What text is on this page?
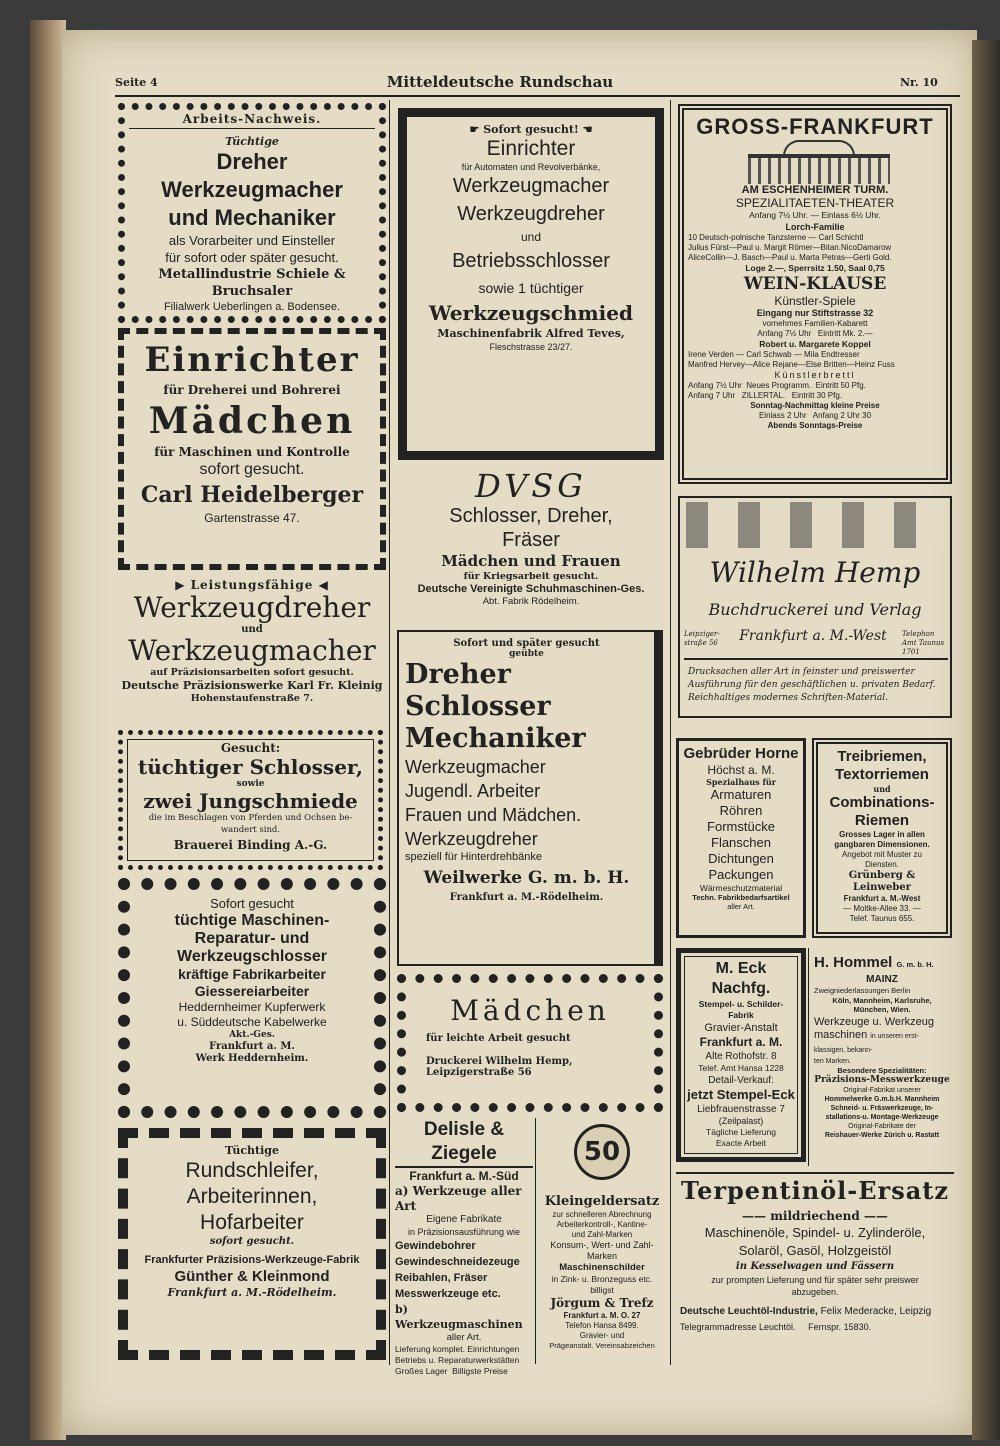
Seite 4	Mitteldeutsche Rundschau	Nr. 10
Arbeits-Nachweis.
Tüchtige
Dreher Werkzeugmacher
und Mechaniker
als Vorarbeiter und Einsteller
für sofort oder später gesucht.
Metallindustrie Schiele & Bruchsaler
Filialwerk Ueberlingen a. Bodensee.
Einrichter
für Dreherei und Bohrerei
Mädchen
für Maschinen und Kontrolle
sofort gesucht.
Carl Heidelberger
Gartenstrasse 47.
▶ Leistungsfähige ◀
Werkzeugdreher
und
Werkzeugmacher
auf Präzisionsarbeiten sofort gesucht.
Deutsche Präzisionswerke Karl Fr. Kleinig
Hohenstaufenstraße 7.
Gesucht:
tüchtiger Schlosser,
sowie
zwei Jungschmiede
die im Beschlagen von Pferden und Ochsen be-
wandert sind.
Brauerei Binding A.-G.
Sofort gesucht
tüchtige Maschinen-
Reparatur- und
Werkzeugschlosser
kräftige Fabrikarbeiter
Giessereiarbeiter
Heddernheimer Kupferwerk
u. Süddeutsche Kabelwerke
Akt.-Ges.
Frankfurt a. M.
Werk Heddernheim.
Tüchtige
Rundschleifer,
Arbeiterinnen,
Hofarbeiter
sofort gesucht.
Frankfurter Präzisions-Werkzeuge-Fabrik
Günther & Kleinmond
Frankfurt a. M.-Rödelheim.
☛ Sofort gesucht! ☚
Einrichter
für Automaten und Revolverbänke,
Werkzeugmacher
Werkzeugdreher
und
Betriebsschlosser
sowie 1 tüchtiger
Werkzeugschmied
Maschinenfabrik Alfred Teves,
Fleschstrasse 23/27.
DVSG
Schlosser, Dreher,
Fräser
Mädchen und Frauen
für Kriegsarbeit gesucht.
Deutsche Vereinigte Schuhmaschinen-Ges.
Abt. Fabrik Rödelheim.
Sofort und später gesucht
geübte
Dreher
Schlosser
Mechaniker
Werkzeugmacher
Jugendl. Arbeiter
Frauen und Mädchen.
Werkzeugdreher
speziell für Hinterdrehbänke
Weilwerke G. m. b. H.
Frankfurt a. M.-Rödelheim.
Mädchen
für leichte Arbeit gesucht
Druckerei Wilhelm Hemp, Leipzigerstraße 56
Delisle & Ziegele
Frankfurt a. M.-Süd
a) Werkzeuge aller Art
Eigene Fabrikate
in Präzisionsausführung wie
Gewindebohrer
Gewindeschneidezeuge
Reibahlen, Fräser
Messwerkzeuge etc.
b) Werkzeugmaschinen
aller Art.
Lieferung komplet. Einrichtungen
Betriebs u. Reparaturwerkstätten
Großes Lager  Billigste Preise
50
Kleingeldersatz
zur schnelleren Abrechnung
Arbeiterkontroll-, Kantine-
und Zahl-Marken
Konsum-, Wert- und Zahl-
Marken
Maschinenschilder
in Zink- u. Bronzeguss etc.
billigst
Jörgum & Trefz
Frankfurt a. M. O. 27
Telefon Hansa 8499.
Gravier- und
Prägeanstalt. Vereinsabzeichen
GROSS-FRANKFURT
AM ESCHENHEIMER TURM.
SPEZIALITAETEN-THEATER
Anfang 7½ Uhr. — Einlass 6½ Uhr.
Lorch-Familie
10 Deutsch-polnische Tanzsterne — Carl Schichtl
Julius Fürst—Paul u. Margit Römer—Bitan.NicoDamarow
AliceCollin—J. Basch—Paul u. Marta Petras—Gerti Gold.
Loge 2.—, Sperrsitz 1.50, Saal 0,75
WEIN-KLAUSE
Künstler-Spiele
Eingang nur Stiftstrasse 32
vornehmes Familien-Kabarett
Anfang 7½ Uhr   Eintritt Mk. 2.—
Robert u. Margarete Koppel
Irene Verden — Carl Schwab — Mila Endtresser
Manfred Hervey—Alice Rejane—Else Britten—Heinz Fuss
Künstlerbrettl
Anfang 7½ Uhr  Neues Programm.  Eintritt 50 Pfg.
Anfang 7 Uhr   ZILLERTAL.   Eintritt 30 Pfg.
Sonntag-Nachmittag kleine Preise
Einlass 2 Uhr   Anfang 2 Uhr 30
Abends Sonntags-Preise
Wilhelm Hemp
Buchdruckerei und Verlag
Leipziger-straße 56	Frankfurt a. M.-West	Telephon Amt Taunus 1701
Drucksachen aller Art in feinster und preiswerter
Ausführung für den geschäftlichen u. privaten Bedarf.
Reichhaltiges modernes Schriften-Material.
Gebrüder Horne
Höchst a. M.
Spezialhaus für
Armaturen
Röhren
Formstücke
Flanschen
Dichtungen
Packungen
Wärmeschutzmaterial
Techn. Fabrikbedarfsartikel
aller Art.
Treibriemen,
Textorriemen
und
Combinations-
Riemen
Grosses Lager in allen
gangbaren Dimensionen.
Angebot mit Muster zu
Diensten.
Grünberg & Leinweber
Frankfurt a. M.-West
— Moltke-Allee 33. —
Telef. Taunus 655.
M. Eck Nachfg.
Stempel- u. Schilder-Fabrik
Gravier-Anstalt
Frankfurt a. M.
Alte Rothofstr. 8
Telef. Amt Hansa 1228
Detail-Verkauf:
jetzt Stempel-Eck
Liebfrauenstrasse 7
(Zeilpalast)
Tägliche Lieferung
Exacte Arbeit
H. Hommel G. m. b. H.
MAINZ
Zweigniederlassungen Berlin
Köln, Mannheim, Karlsruhe,
München, Wien.
Werkzeuge u. Werkzeug
maschinen in unseren erst- klassigen, bekann-
ten Marken.
Besondere Spezialitäten:
Präzisions-Messwerkzeuge
Original-Fabrikat unserer
Hommelwerke G.m.b.H. Mannheim
Schneid- u. Fräswerkzeuge, In-
stallations-u. Montage-Werkzeuge
Original-Fabrikate der
Reishauer-Werke Zürich u. Rastatt
Terpentinöl-Ersatz
—— mildriechend ——
Maschinenöle, Spindel- u. Zylinderöle,
Solaröl, Gasöl, Holzgeistöl
in Kesselwagen und Fässern
zur prompten Lieferung und für später sehr preiswer
abzugeben.
Deutsche Leuchtöl-Industrie, Felix Mederacke, Leipzig
Telegrammadresse Leuchtöl. Fernspr. 15830.
